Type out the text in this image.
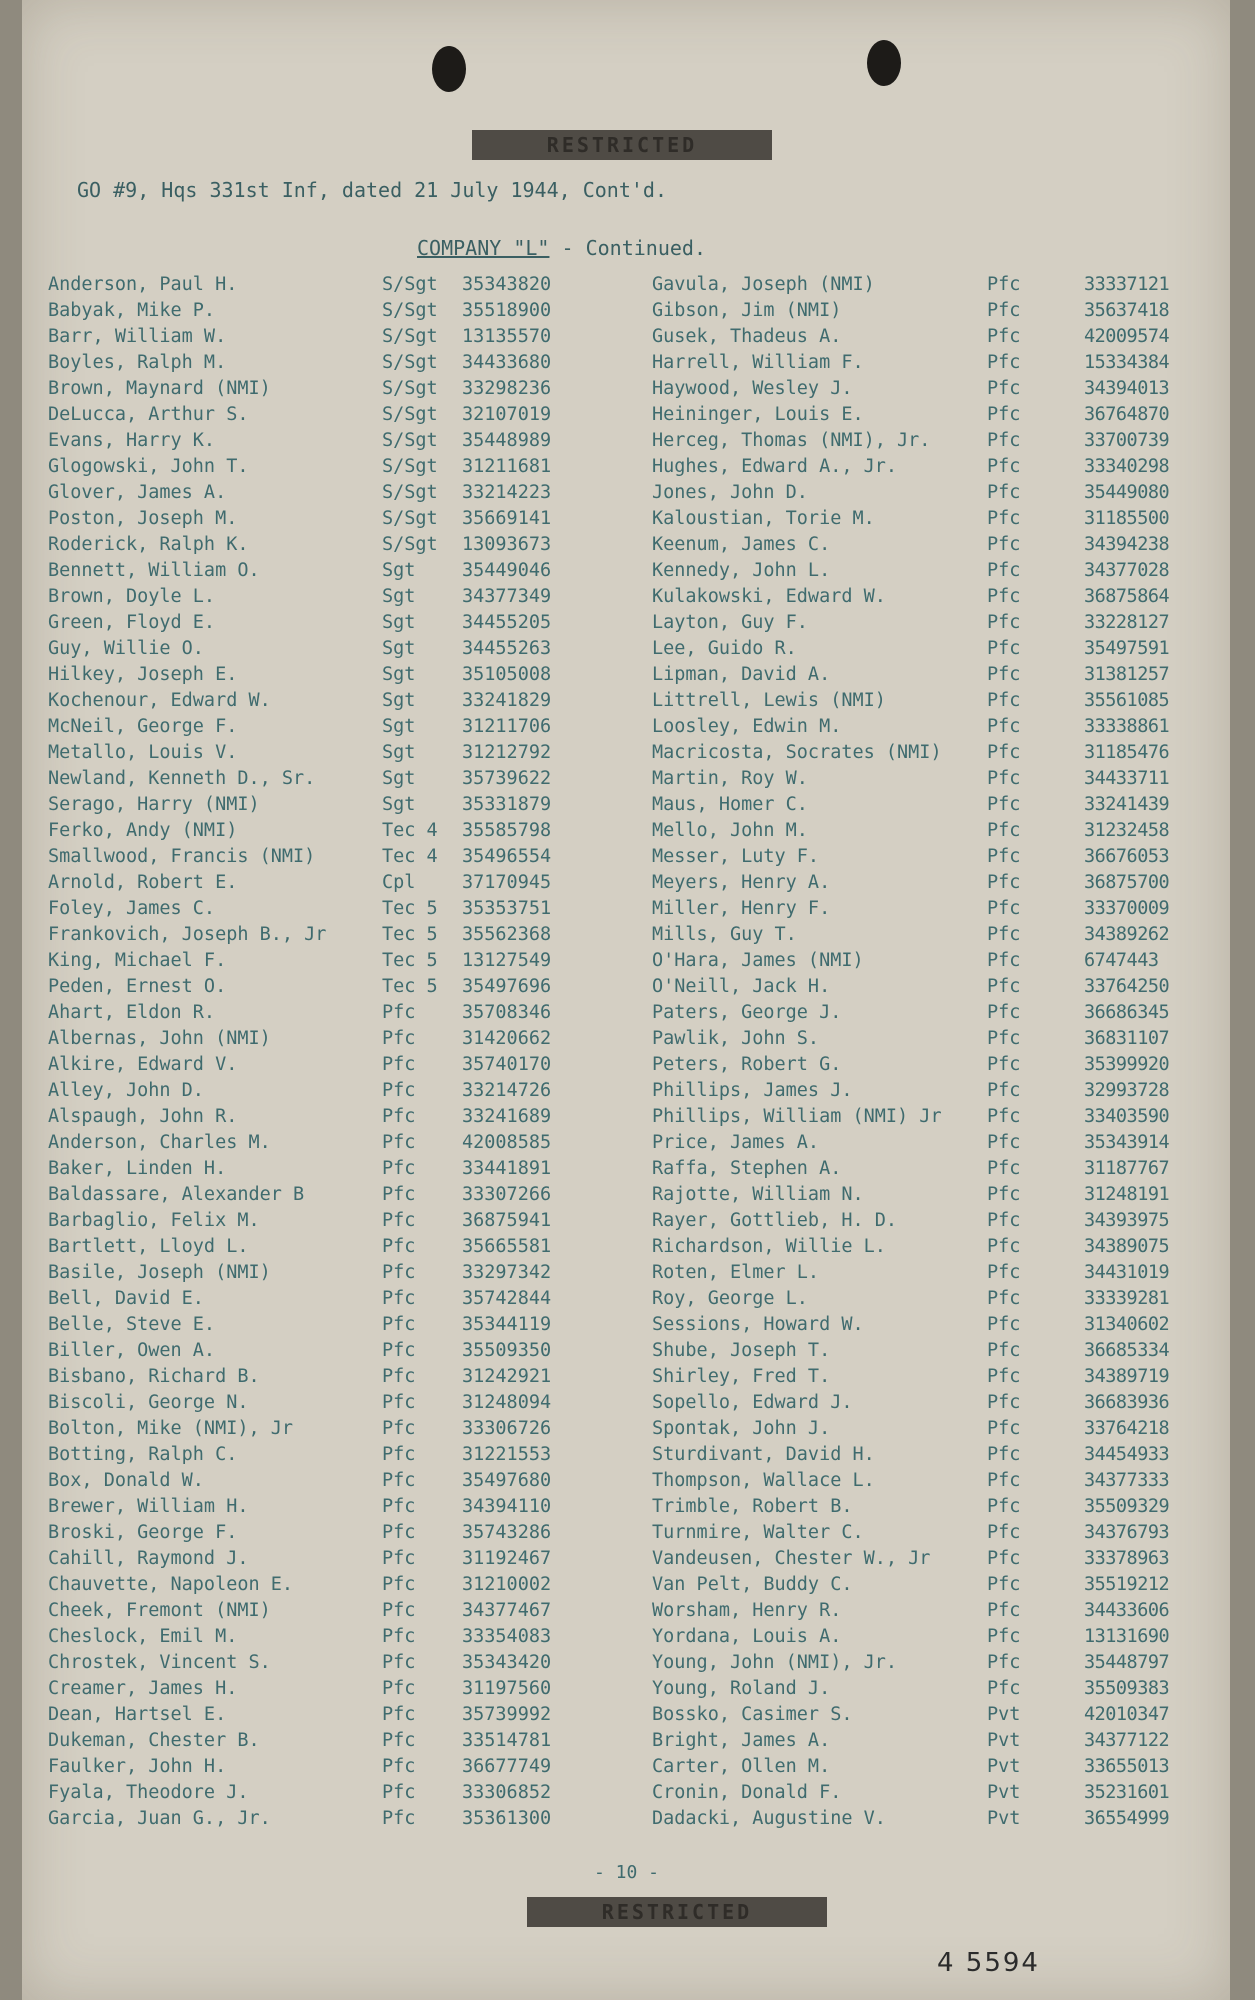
RESTRICTED
GO #9, Hqs 331st Inf, dated 21 July 1944, Cont'd.
COMPANY "L" - Continued.
Anderson, Paul H.	S/Sgt	35343820	Gavula, Joseph (NMI)	Pfc	33337121
Babyak, Mike P.	S/Sgt	35518900	Gibson, Jim (NMI)	Pfc	35637418
Barr, William W.	S/Sgt	13135570	Gusek, Thadeus A.	Pfc	42009574
Boyles, Ralph M.	S/Sgt	34433680	Harrell, William F.	Pfc	15334384
Brown, Maynard (NMI)	S/Sgt	33298236	Haywood, Wesley J.	Pfc	34394013
DeLucca, Arthur S.	S/Sgt	32107019	Heininger, Louis E.	Pfc	36764870
Evans, Harry K.	S/Sgt	35448989	Herceg, Thomas (NMI), Jr.	Pfc	33700739
Glogowski, John T.	S/Sgt	31211681	Hughes, Edward A., Jr.	Pfc	33340298
Glover, James A.	S/Sgt	33214223	Jones, John D.	Pfc	35449080
Poston, Joseph M.	S/Sgt	35669141	Kaloustian, Torie M.	Pfc	31185500
Roderick, Ralph K.	S/Sgt	13093673	Keenum, James C.	Pfc	34394238
Bennett, William O.	Sgt	35449046	Kennedy, John L.	Pfc	34377028
Brown, Doyle L.	Sgt	34377349	Kulakowski, Edward W.	Pfc	36875864
Green, Floyd E.	Sgt	34455205	Layton, Guy F.	Pfc	33228127
Guy, Willie O.	Sgt	34455263	Lee, Guido R.	Pfc	35497591
Hilkey, Joseph E.	Sgt	35105008	Lipman, David A.	Pfc	31381257
Kochenour, Edward W.	Sgt	33241829	Littrell, Lewis (NMI)	Pfc	35561085
McNeil, George F.	Sgt	31211706	Loosley, Edwin M.	Pfc	33338861
Metallo, Louis V.	Sgt	31212792	Macricosta, Socrates (NMI)	Pfc	31185476
Newland, Kenneth D., Sr.	Sgt	35739622	Martin, Roy W.	Pfc	34433711
Serago, Harry (NMI)	Sgt	35331879	Maus, Homer C.	Pfc	33241439
Ferko, Andy (NMI)	Tec 4	35585798	Mello, John M.	Pfc	31232458
Smallwood, Francis (NMI)	Tec 4	35496554	Messer, Luty F.	Pfc	36676053
Arnold, Robert E.	Cpl	37170945	Meyers, Henry A.	Pfc	36875700
Foley, James C.	Tec 5	35353751	Miller, Henry F.	Pfc	33370009
Frankovich, Joseph B., Jr	Tec 5	35562368	Mills, Guy T.	Pfc	34389262
King, Michael F.	Tec 5	13127549	O'Hara, James (NMI)	Pfc	6747443
Peden, Ernest O.	Tec 5	35497696	O'Neill, Jack H.	Pfc	33764250
Ahart, Eldon R.	Pfc	35708346	Paters, George J.	Pfc	36686345
Albernas, John (NMI)	Pfc	31420662	Pawlik, John S.	Pfc	36831107
Alkire, Edward V.	Pfc	35740170	Peters, Robert G.	Pfc	35399920
Alley, John D.	Pfc	33214726	Phillips, James J.	Pfc	32993728
Alspaugh, John R.	Pfc	33241689	Phillips, William (NMI) Jr	Pfc	33403590
Anderson, Charles M.	Pfc	42008585	Price, James A.	Pfc	35343914
Baker, Linden H.	Pfc	33441891	Raffa, Stephen A.	Pfc	31187767
Baldassare, Alexander B	Pfc	33307266	Rajotte, William N.	Pfc	31248191
Barbaglio, Felix M.	Pfc	36875941	Rayer, Gottlieb, H. D.	Pfc	34393975
Bartlett, Lloyd L.	Pfc	35665581	Richardson, Willie L.	Pfc	34389075
Basile, Joseph (NMI)	Pfc	33297342	Roten, Elmer L.	Pfc	34431019
Bell, David E.	Pfc	35742844	Roy, George L.	Pfc	33339281
Belle, Steve E.	Pfc	35344119	Sessions, Howard W.	Pfc	31340602
Biller, Owen A.	Pfc	35509350	Shube, Joseph T.	Pfc	36685334
Bisbano, Richard B.	Pfc	31242921	Shirley, Fred T.	Pfc	34389719
Biscoli, George N.	Pfc	31248094	Sopello, Edward J.	Pfc	36683936
Bolton, Mike (NMI), Jr	Pfc	33306726	Spontak, John J.	Pfc	33764218
Botting, Ralph C.	Pfc	31221553	Sturdivant, David H.	Pfc	34454933
Box, Donald W.	Pfc	35497680	Thompson, Wallace L.	Pfc	34377333
Brewer, William H.	Pfc	34394110	Trimble, Robert B.	Pfc	35509329
Broski, George F.	Pfc	35743286	Turnmire, Walter C.	Pfc	34376793
Cahill, Raymond J.	Pfc	31192467	Vandeusen, Chester W., Jr	Pfc	33378963
Chauvette, Napoleon E.	Pfc	31210002	Van Pelt, Buddy C.	Pfc	35519212
Cheek, Fremont (NMI)	Pfc	34377467	Worsham, Henry R.	Pfc	34433606
Cheslock, Emil M.	Pfc	33354083	Yordana, Louis A.	Pfc	13131690
Chrostek, Vincent S.	Pfc	35343420	Young, John (NMI), Jr.	Pfc	35448797
Creamer, James H.	Pfc	31197560	Young, Roland J.	Pfc	35509383
Dean, Hartsel E.	Pfc	35739992	Bossko, Casimer S.	Pvt	42010347
Dukeman, Chester B.	Pfc	33514781	Bright, James A.	Pvt	34377122
Faulker, John H.	Pfc	36677749	Carter, Ollen M.	Pvt	33655013
Fyala, Theodore J.	Pfc	33306852	Cronin, Donald F.	Pvt	35231601
Garcia, Juan G., Jr.	Pfc	35361300	Dadacki, Augustine V.	Pvt	36554999
- 10 -
RESTRICTED
4 5594
